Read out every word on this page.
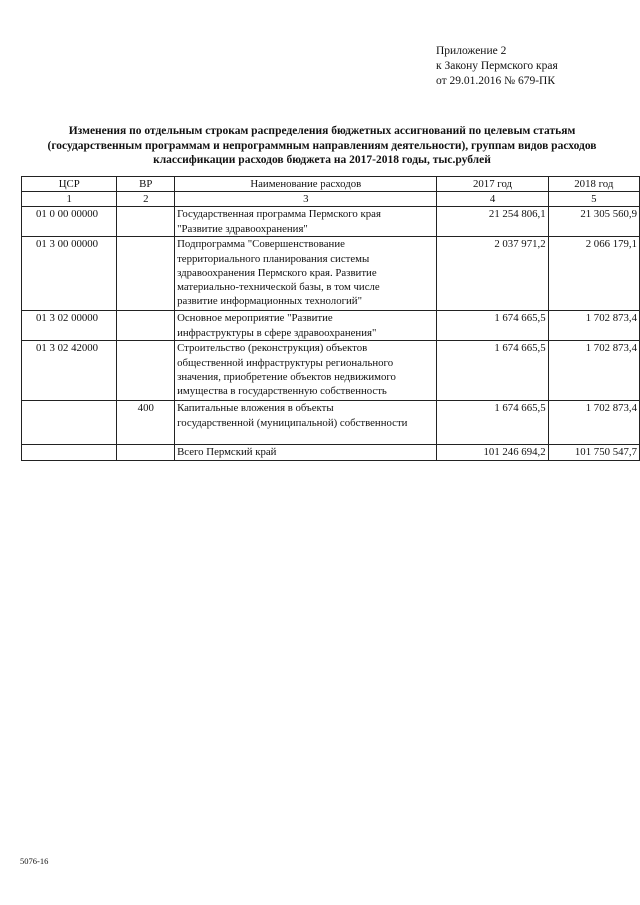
Приложение 2
к Закону Пермского края
от 29.01.2016 № 679-ПК
Изменения по отдельным строкам распределения бюджетных ассигнований по целевым статьям
(государственным программам и непрограммным направлениям деятельности), группам видов расходов
классификации расходов бюджета на 2017-2018 годы, тыс.рублей
ЦСР	ВР	Наименование расходов	2017 год	2018 год
1	2	3	4	5
01 0 00 00000		Государственная программа Пермского края
"Развитие здравоохранения"	21 254 806,1	21 305 560,9
01 3 00 00000		Подпрограмма "Совершенствование
территориального планирования системы
здравоохранения Пермского края. Развитие
материально-технической базы, в том числе
развитие информационных технологий"	2 037 971,2	2 066 179,1
01 3 02 00000		Основное мероприятие "Развитие
инфраструктуры в сфере здравоохранения"	1 674 665,5	1 702 873,4
01 3 02 42000		Строительство (реконструкция) объектов
общественной инфраструктуры регионального
значения, приобретение объектов недвижимого
имущества в государственную собственность	1 674 665,5	1 702 873,4
	400	Капитальные вложения в объекты
государственной (муниципальной) собственности	1 674 665,5	1 702 873,4
		Всего Пермский край	101 246 694,2	101 750 547,7
5076-16
